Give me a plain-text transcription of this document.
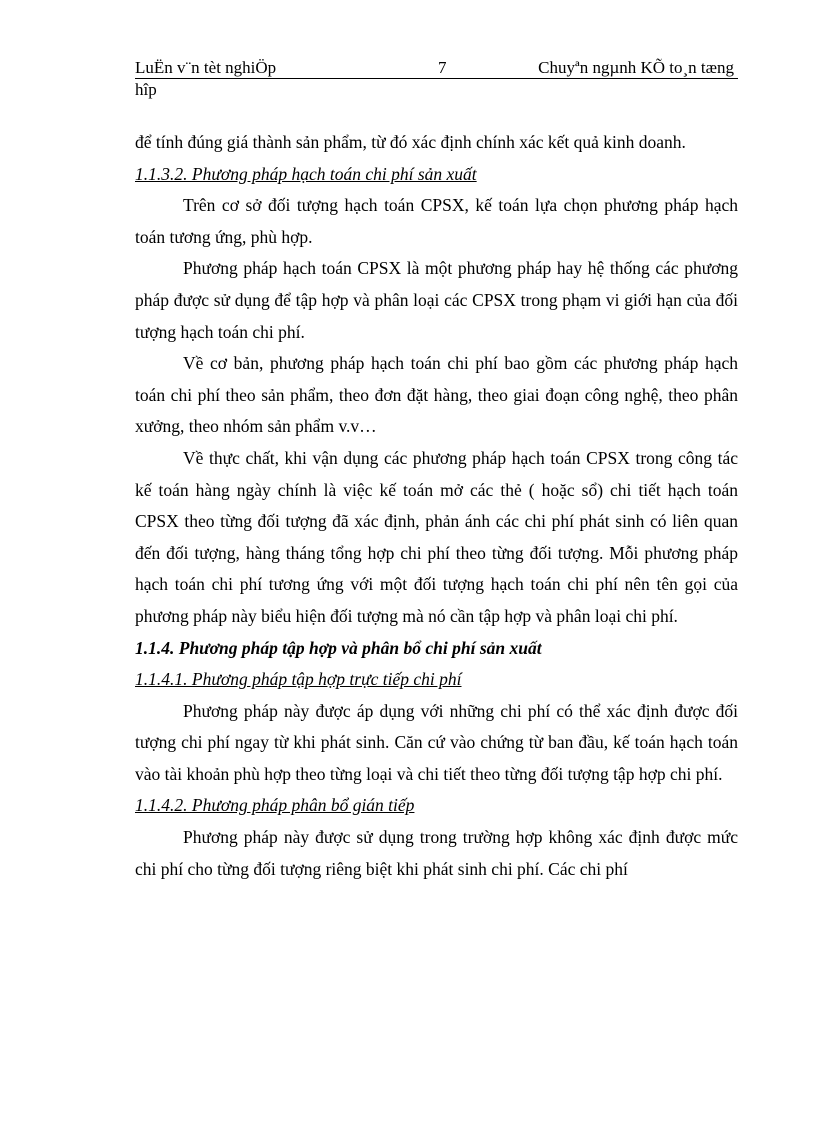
LuËn v¨n tèt nghiÖp	7	Chuyªn ngµnh KÕ to¸n tæng
hîp

để tính đúng giá thành sản phẩm, từ đó xác định chính xác kết quả kinh doanh.

1.1.3.2. Phương pháp hạch toán chi phí sản xuất

Trên cơ sở đối tượng hạch toán CPSX, kế toán lựa chọn phương pháp hạch toán tương ứng, phù hợp.

Phương pháp hạch toán CPSX là một phương pháp hay hệ thống các phương pháp được sử dụng để tập hợp và phân loại các CPSX trong phạm vi giới hạn của đối tượng hạch toán chi phí.

Về cơ bản, phương pháp hạch toán chi phí bao gồm các phương pháp hạch toán chi phí theo sản phẩm, theo đơn đặt hàng, theo giai đoạn công nghệ, theo phân xưởng, theo nhóm sản phẩm v.v…

Về thực chất, khi vận dụng các phương pháp hạch toán CPSX trong công tác kế toán hàng ngày chính là việc kế toán mở các thẻ ( hoặc sổ) chi tiết hạch toán CPSX theo từng đối tượng đã xác định, phản ánh các chi phí phát sinh có liên quan đến đối tượng, hàng tháng tổng hợp chi phí theo từng đối tượng. Mỗi phương pháp hạch toán chi phí tương ứng với một đối tượng hạch toán chi phí nên tên gọi của phương pháp này biểu hiện đối tượng mà nó cần tập hợp và phân loại chi phí.

1.1.4. Phương pháp tập hợp và phân bổ chi phí sản xuất

1.1.4.1. Phương pháp tập hợp trực tiếp chi phí

Phương pháp này được áp dụng với những chi phí có thể xác định được đối tượng chi phí ngay từ khi phát sinh. Căn cứ vào chứng từ ban đầu, kế toán hạch toán vào tài khoản phù hợp theo từng loại và chi tiết theo từng đối tượng tập hợp chi phí.

1.1.4.2. Phương pháp phân bổ gián tiếp

Phương pháp này được sử dụng trong trường hợp không xác định được mức chi phí cho từng đối tượng riêng biệt khi phát sinh chi phí. Các chi phí
